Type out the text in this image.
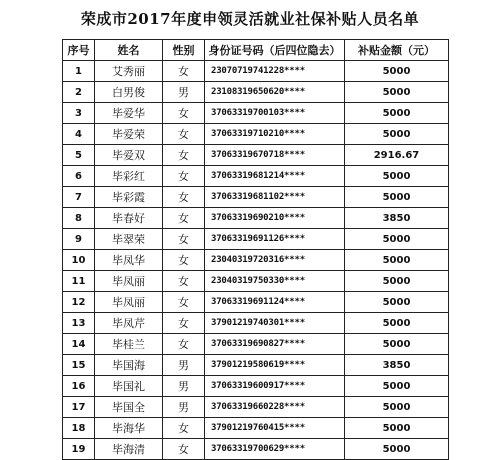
荣成市2017年度申领灵活就业社保补贴人员名单
序号	姓名	性别	身份证号码（后四位隐去）	补贴金额（元）
1	艾秀丽	女	23070719741228****	5000
2	白男俊	男	23108319650620****	5000
3	毕爱华	女	37063319700103****	5000
4	毕爱荣	女	37063319710210****	5000
5	毕爱双	女	37063319670718****	2916.67
6	毕彩红	女	37063319681214****	5000
7	毕彩霞	女	37063319681102****	5000
8	毕春好	女	37063319690210****	3850
9	毕翠荣	女	37063319691126****	5000
10	毕凤华	女	23040319720316****	5000
11	毕凤丽	女	23040319750330****	5000
12	毕凤丽	女	37063319691124****	5000
13	毕凤芹	女	37901219740301****	5000
14	毕桂兰	女	37063319690827****	5000
15	毕国海	男	37901219580619****	3850
16	毕国礼	男	37063319600917****	5000
17	毕国全	男	37063319660228****	5000
18	毕海华	女	37901219760415****	5000
19	毕海清	女	37063319700629****	5000
